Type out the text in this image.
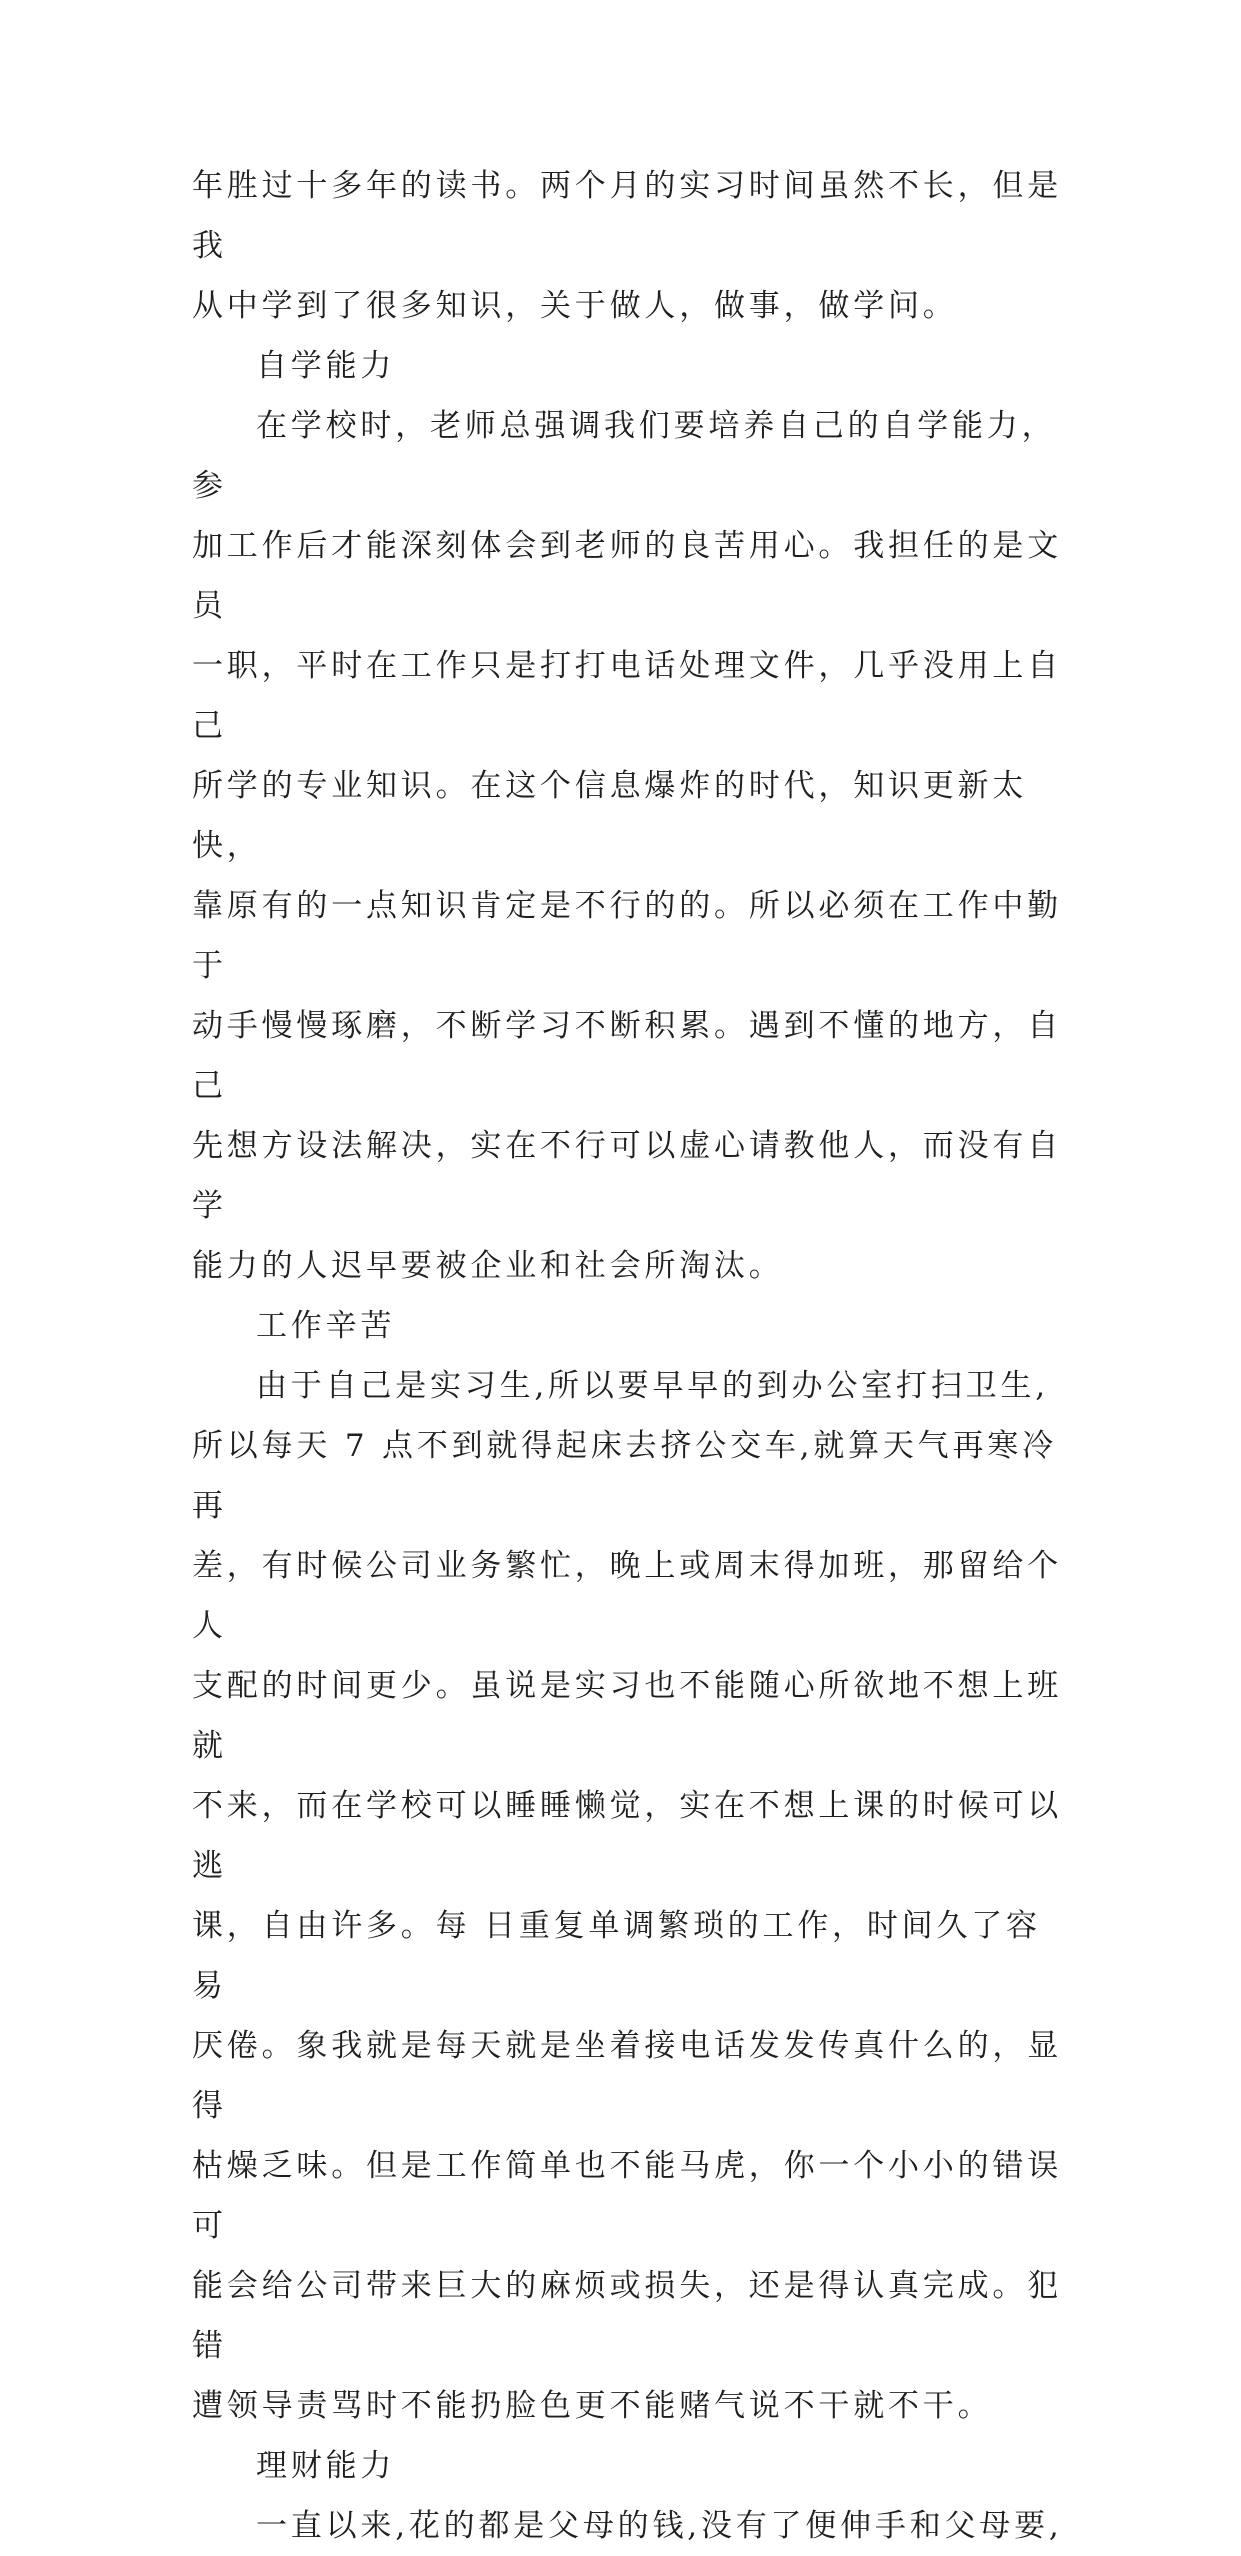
年胜过十多年的读书。两个月的实习时间虽然不长，但是我

从中学到了很多知识，关于做人，做事，做学问。

自学能力

在学校时，老师总强调我们要培养自己的自学能力，参

加工作后才能深刻体会到老师的良苦用心。我担任的是文员

一职，平时在工作只是打打电话处理文件，几乎没用上自己

所学的专业知识。在这个信息爆炸的时代，知识更新太快，

靠原有的一点知识肯定是不行的的。所以必须在工作中勤于

动手慢慢琢磨，不断学习不断积累。遇到不懂的地方，自己

先想方设法解决，实在不行可以虚心请教他人，而没有自学

能力的人迟早要被企业和社会所淘汰。

工作辛苦

由于自己是实习生,所以要早早的到办公室打扫卫生,

所以每天 7 点不到就得起床去挤公交车,就算天气再寒冷再

差，有时候公司业务繁忙，晚上或周末得加班，那留给个人

支配的时间更少。虽说是实习也不能随心所欲地不想上班就

不来，而在学校可以睡睡懒觉，实在不想上课的时候可以逃

课，自由许多。每 日重复单调繁琐的工作，时间久了容易

厌倦。象我就是每天就是坐着接电话发发传真什么的，显得

枯燥乏味。但是工作简单也不能马虎，你一个小小的错误可

能会给公司带来巨大的麻烦或损失，还是得认真完成。犯错

遭领导责骂时不能扔脸色更不能赌气说不干就不干。

理财能力

一直以来,花的都是父母的钱,没有了便伸手和父母要,
